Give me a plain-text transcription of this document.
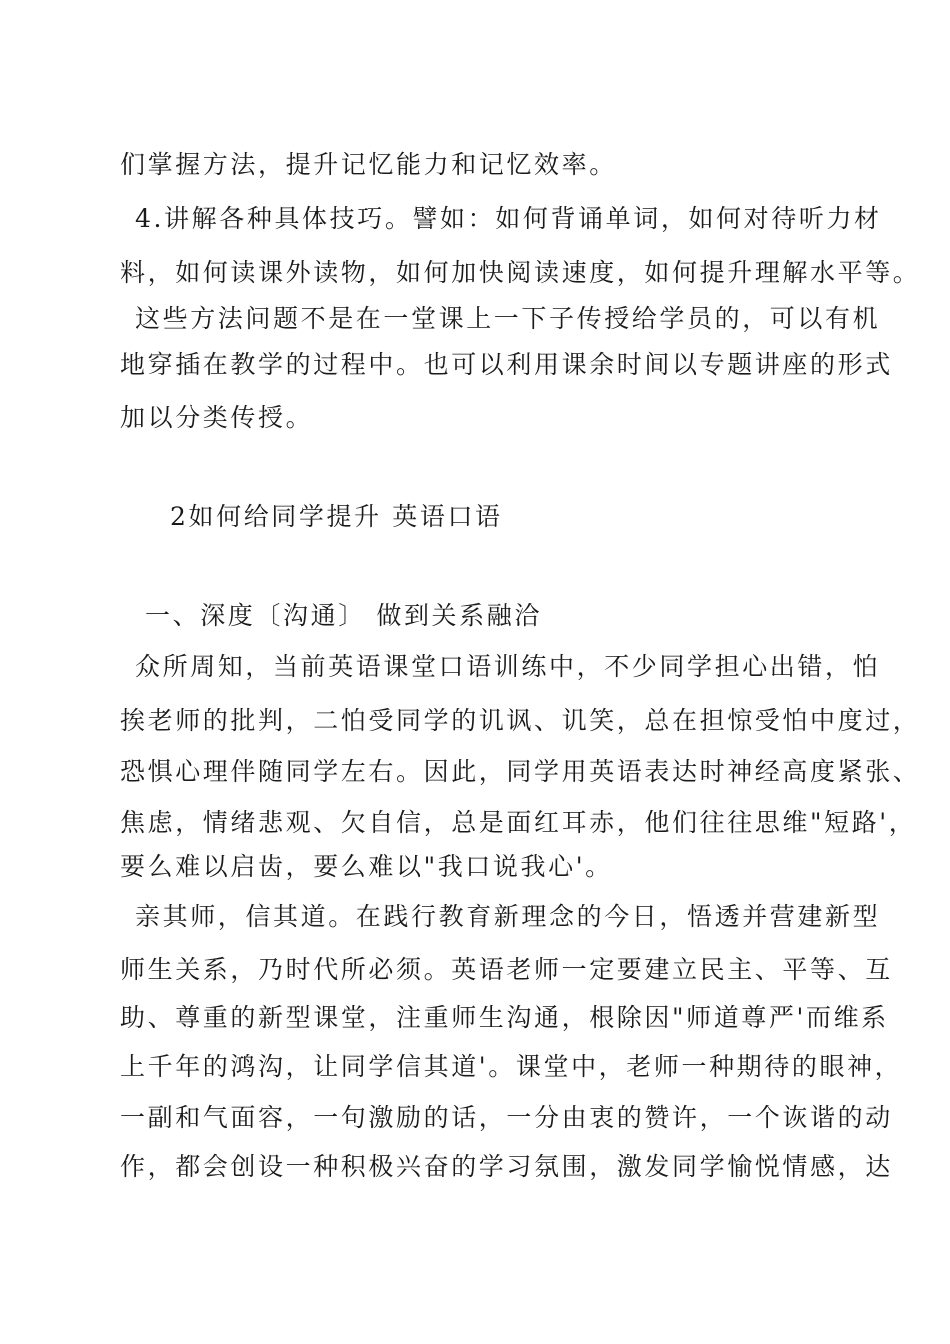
们掌握方法，提升记忆能力和记忆效率。
4.讲解各种具体技巧。譬如：如何背诵单词，如何对待听力材
料，如何读课外读物，如何加快阅读速度，如何提升理解水平等。
这些方法问题不是在一堂课上一下子传授给学员的，可以有机
地穿插在教学的过程中。也可以利用课余时间以专题讲座的形式
加以分类传授。
2如何给同学提升 英语口语
一、深度〔沟通〕 做到关系融洽
众所周知，当前英语课堂口语训练中，不少同学担心出错，怕
挨老师的批判，二怕受同学的讥讽、讥笑，总在担惊受怕中度过，
恐惧心理伴随同学左右。因此，同学用英语表达时神经高度紧张、
焦虑，情绪悲观、欠自信，总是面红耳赤，他们往往思维"短路'，
要么难以启齿，要么难以"我口说我心'。
亲其师，信其道。在践行教育新理念的今日，悟透并营建新型
师生关系，乃时代所必须。英语老师一定要建立民主、平等、互
助、尊重的新型课堂，注重师生沟通，根除因"师道尊严'而维系
上千年的鸿沟，让同学信其道'。课堂中，老师一种期待的眼神，
一副和气面容，一句激励的话，一分由衷的赞许，一个诙谐的动
作，都会创设一种积极兴奋的学习氛围，激发同学愉悦情感，达
